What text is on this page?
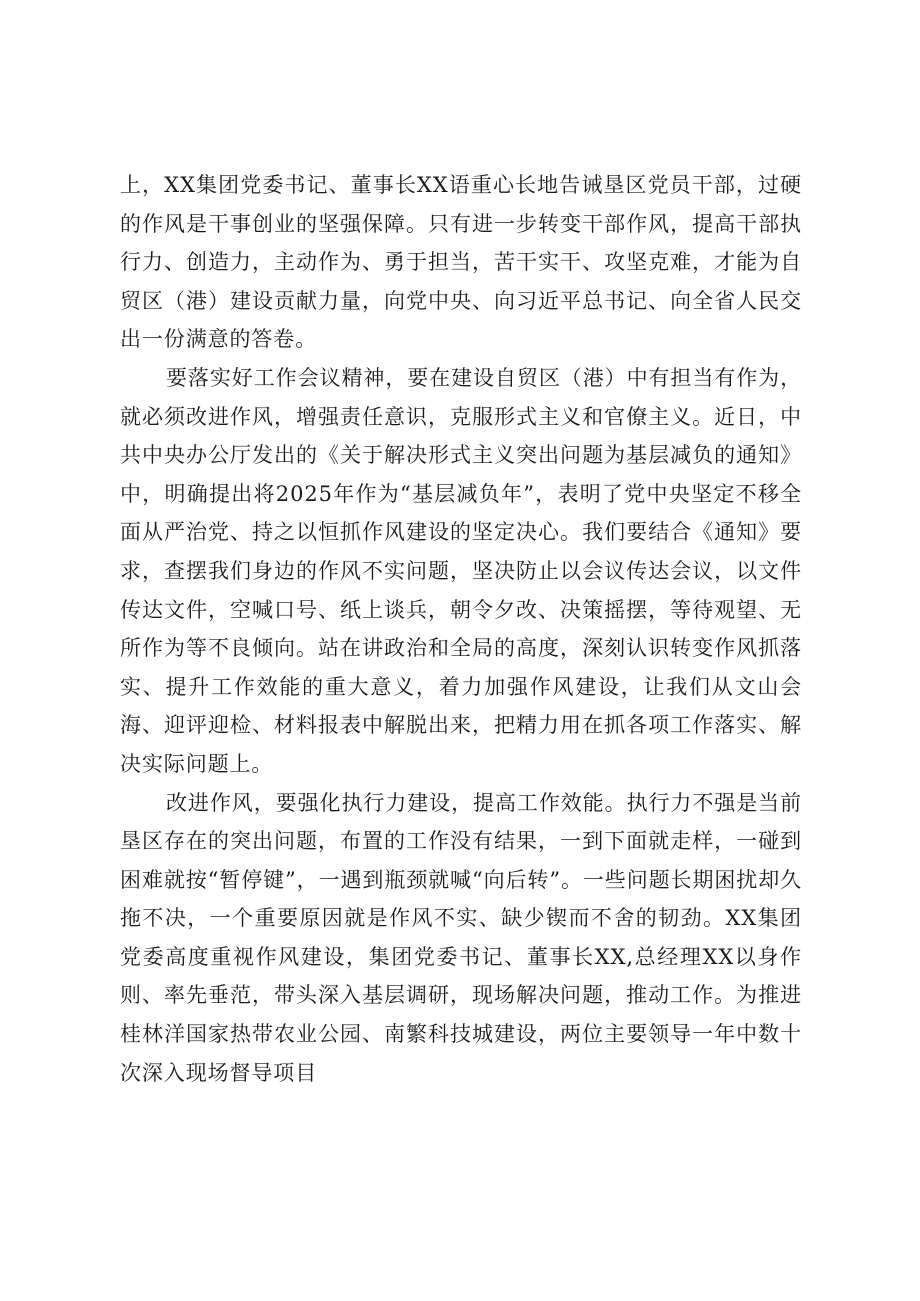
上，XX集团党委书记、董事长XX语重心长地告诫垦区党员干部，过硬的作风是干事创业的坚强保障。只有进一步转变干部作风，提高干部执行力、创造力，主动作为、勇于担当，苦干实干、攻坚克难，才能为自贸区（港）建设贡献力量，向党中央、向习近平总书记、向全省人民交出一份满意的答卷。

要落实好工作会议精神，要在建设自贸区（港）中有担当有作为，就必须改进作风，增强责任意识，克服形式主义和官僚主义。近日，中共中央办公厅发出的《关于解决形式主义突出问题为基层减负的通知》中，明确提出将2025年作为“基层减负年”，表明了党中央坚定不移全面从严治党、持之以恒抓作风建设的坚定决心。我们要结合《通知》要求，查摆我们身边的作风不实问题，坚决防止以会议传达会议，以文件传达文件，空喊口号、纸上谈兵，朝令夕改、决策摇摆，等待观望、无所作为等不良倾向。站在讲政治和全局的高度，深刻认识转变作风抓落实、提升工作效能的重大意义，着力加强作风建设，让我们从文山会海、迎评迎检、材料报表中解脱出来，把精力用在抓各项工作落实、解决实际问题上。

改进作风，要强化执行力建设，提高工作效能。执行力不强是当前垦区存在的突出问题，布置的工作没有结果，一到下面就走样，一碰到困难就按“暂停键”，一遇到瓶颈就喊“向后转”。一些问题长期困扰却久拖不决，一个重要原因就是作风不实、缺少锲而不舍的韧劲。XX集团党委高度重视作风建设，集团党委书记、董事长XX,总经理XX以身作则、率先垂范，带头深入基层调研，现场解决问题，推动工作。为推进桂林洋国家热带农业公园、南繁科技城建设，两位主要领导一年中数十次深入现场督导项目
